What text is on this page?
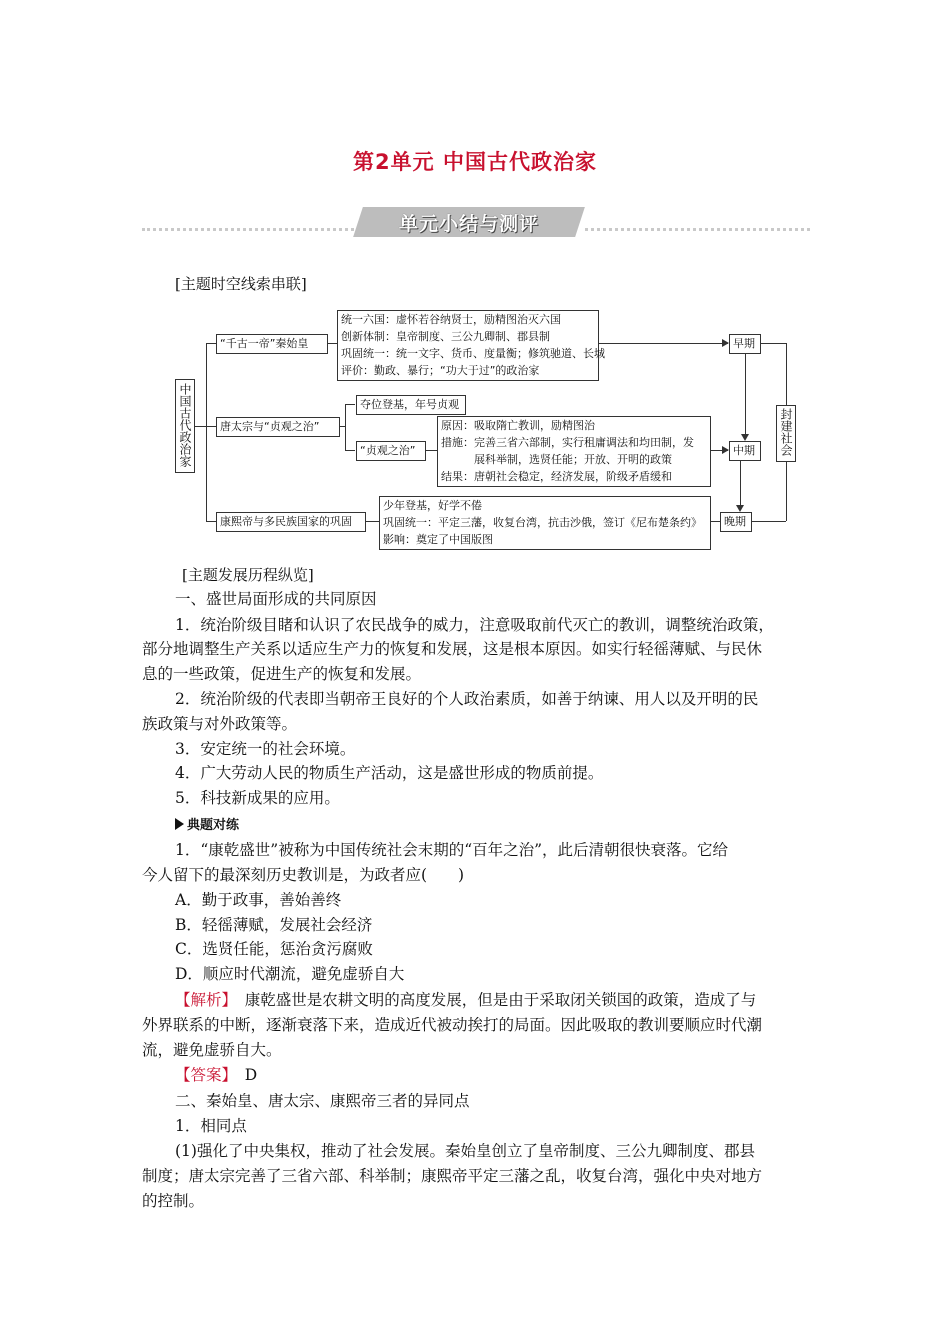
第2单元 中国古代政治家
单元小结与测评
[主题时空线索串联]
中国古代政治家
“千古一帝”秦始皇
统一六国：虚怀若谷纳贤士，励精图治灭六国
创新体制：皇帝制度、三公九卿制、郡县制
巩固统一：统一文字、货币、度量衡；修筑驰道、长城
评价：勤政、暴行；“功大于过”的政治家
唐太宗与“贞观之治”
夺位登基，年号贞观
“贞观之治”
原因：吸取隋亡教训，励精图治
措施：完善三省六部制，实行租庸调法和均田制，发
展科举制，选贤任能；开放、开明的政策
结果：唐朝社会稳定，经济发展，阶级矛盾缓和
康熙帝与多民族国家的巩固
少年登基，好学不倦
巩固统一：平定三藩，收复台湾，抗击沙俄，签订《尼布楚条约》
影响：奠定了中国版图
早期
中期
晚期
封建社会
[主题发展历程纵览]
一、盛世局面形成的共同原因
1．统治阶级目睹和认识了农民战争的威力，注意吸取前代灭亡的教训，调整统治政策，
部分地调整生产关系以适应生产力的恢复和发展，这是根本原因。如实行轻徭薄赋、与民休
息的一些政策，促进生产的恢复和发展。
2．统治阶级的代表即当朝帝王良好的个人政治素质，如善于纳谏、用人以及开明的民
族政策与对外政策等。
3．安定统一的社会环境。
4．广大劳动人民的物质生产活动，这是盛世形成的物质前提。
5．科技新成果的应用。
典题对练
1．“康乾盛世”被称为中国传统社会末期的“百年之治”，此后清朝很快衰落。它给
今人留下的最深刻历史教训是，为政者应(　　)
A．勤于政事，善始善终
B．轻徭薄赋，发展社会经济
C．选贤任能，惩治贪污腐败
D．顺应时代潮流，避免虚骄自大
【解析】　康乾盛世是农耕文明的高度发展，但是由于采取闭关锁国的政策，造成了与
外界联系的中断，逐渐衰落下来，造成近代被动挨打的局面。因此吸取的教训要顺应时代潮
流，避免虚骄自大。
【答案】　D
二、秦始皇、唐太宗、康熙帝三者的异同点
1．相同点
(1)强化了中央集权，推动了社会发展。秦始皇创立了皇帝制度、三公九卿制度、郡县
制度；唐太宗完善了三省六部、科举制；康熙帝平定三藩之乱，收复台湾，强化中央对地方
的控制。
